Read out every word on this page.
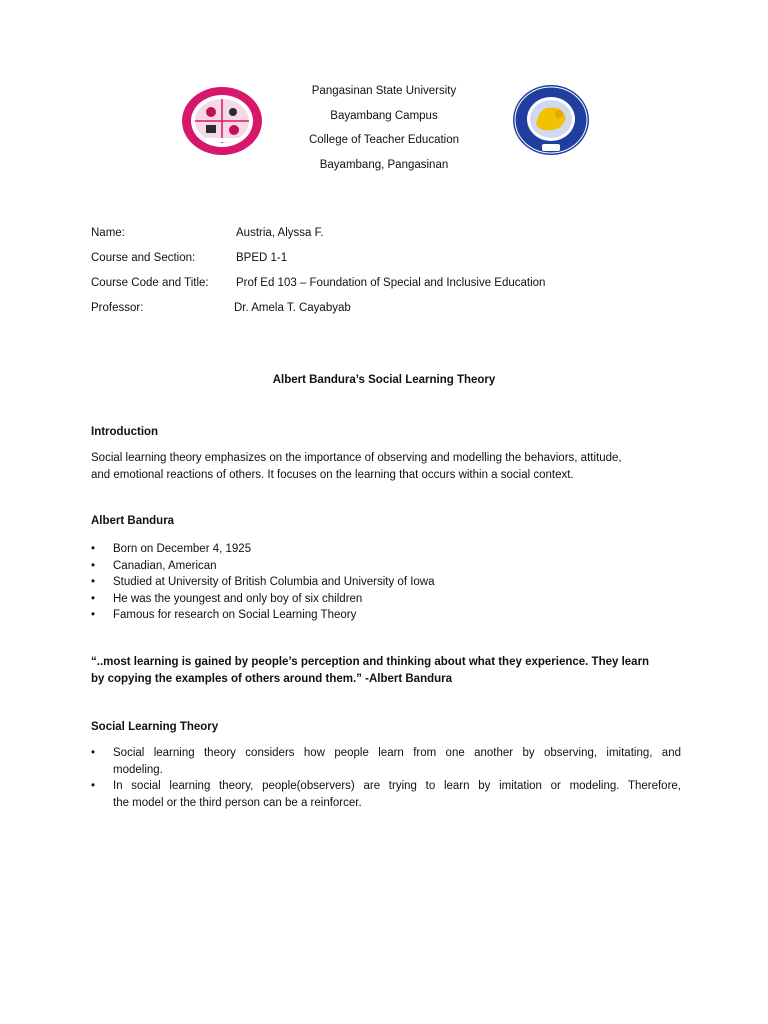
Pangasinan State University
Bayambang Campus
College of Teacher Education
Bayambang, Pangasinan
Name:	Austria, Alyssa F.
Course and Section:	BPED 1-1
Course Code and Title: Prof Ed 103 – Foundation of Special and Inclusive Education
Professor:	Dr. Amela T. Cayabyab
Albert Bandura’s Social Learning Theory
Introduction
Social learning theory emphasizes on the importance of observing and modelling the behaviors, attitude,
and emotional reactions of others. It focuses on the learning that occurs within a social context.
Albert Bandura
• Born on December 4, 1925
• Canadian, American
• Studied at University of British Columbia and University of Iowa
• He was the youngest and only boy of six children
• Famous for research on Social Learning Theory
“..most learning is gained by people’s perception and thinking about what they experience. They learn
by copying the examples of others around them.” -Albert Bandura
Social Learning Theory
• Social learning theory considers how people learn from one another by observing, imitating, and
modeling.
• In social learning theory, people(observers) are trying to learn by imitation or modeling. Therefore,
the model or the third person can be a reinforcer.
